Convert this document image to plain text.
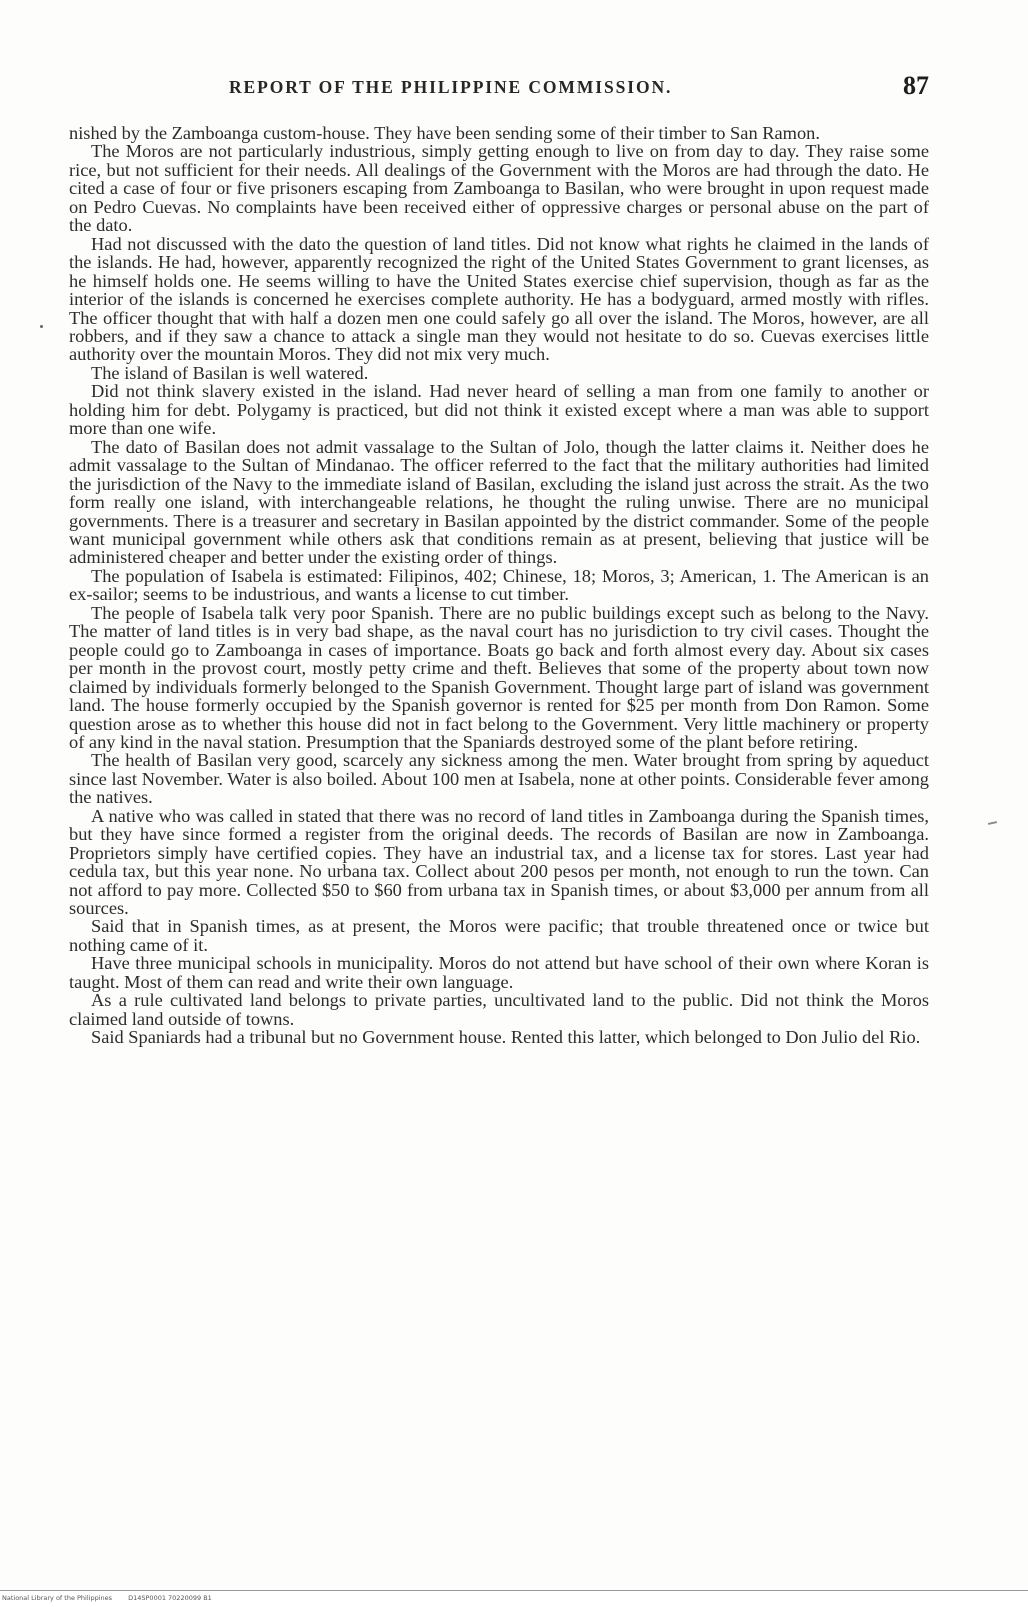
REPORT OF THE PHILIPPINE COMMISSION.	87

nished by the Zamboanga custom-house. They have been sending some of their timber to San Ramon.

The Moros are not particularly industrious, simply getting enough to live on from day to day. They raise some rice, but not sufficient for their needs. All dealings of the Government with the Moros are had through the dato. He cited a case of four or five prisoners escaping from Zamboanga to Basilan, who were brought in upon request made on Pedro Cuevas. No complaints have been received either of oppressive charges or personal abuse on the part of the dato.

Had not discussed with the dato the question of land titles. Did not know what rights he claimed in the lands of the islands. He had, however, apparently recognized the right of the United States Government to grant licenses, as he himself holds one. He seems willing to have the United States exercise chief supervision, though as far as the interior of the islands is concerned he exercises complete authority. He has a bodyguard, armed mostly with rifles. The officer thought that with half a dozen men one could safely go all over the island. The Moros, however, are all robbers, and if they saw a chance to attack a single man they would not hesitate to do so. Cuevas exercises little authority over the mountain Moros. They did not mix very much.

The island of Basilan is well watered.

Did not think slavery existed in the island. Had never heard of selling a man from one family to another or holding him for debt. Polygamy is practiced, but did not think it existed except where a man was able to support more than one wife.

The dato of Basilan does not admit vassalage to the Sultan of Jolo, though the latter claims it. Neither does he admit vassalage to the Sultan of Mindanao. The officer referred to the fact that the military authorities had limited the jurisdiction of the Navy to the immediate island of Basilan, excluding the island just across the strait. As the two form really one island, with interchangeable relations, he thought the ruling unwise. There are no municipal governments. There is a treasurer and secretary in Basilan appointed by the district commander. Some of the people want municipal government while others ask that conditions remain as at present, believing that justice will be administered cheaper and better under the existing order of things.

The population of Isabela is estimated: Filipinos, 402; Chinese, 18; Moros, 3; American, 1. The American is an ex-sailor; seems to be industrious, and wants a license to cut timber.

The people of Isabela talk very poor Spanish. There are no public buildings except such as belong to the Navy. The matter of land titles is in very bad shape, as the naval court has no jurisdiction to try civil cases. Thought the people could go to Zamboanga in cases of importance. Boats go back and forth almost every day. About six cases per month in the provost court, mostly petty crime and theft. Believes that some of the property about town now claimed by individuals formerly belonged to the Spanish Government. Thought large part of island was government land. The house formerly occupied by the Spanish governor is rented for $25 per month from Don Ramon. Some question arose as to whether this house did not in fact belong to the Government. Very little machinery or property of any kind in the naval station. Presumption that the Spaniards destroyed some of the plant before retiring.

The health of Basilan very good, scarcely any sickness among the men. Water brought from spring by aqueduct since last November. Water is also boiled. About 100 men at Isabela, none at other points. Considerable fever among the natives.

A native who was called in stated that there was no record of land titles in Zamboanga during the Spanish times, but they have since formed a register from the original deeds. The records of Basilan are now in Zamboanga. Proprietors simply have certified copies. They have an industrial tax, and a license tax for stores. Last year had cedula tax, but this year none. No urbana tax. Collect about 200 pesos per month, not enough to run the town. Can not afford to pay more. Collected $50 to $60 from urbana tax in Spanish times, or about $3,000 per annum from all sources.

Said that in Spanish times, as at present, the Moros were pacific; that trouble threatened once or twice but nothing came of it.

Have three municipal schools in municipality. Moros do not attend but have school of their own where Koran is taught. Most of them can read and write their own language.

As a rule cultivated land belongs to private parties, uncultivated land to the public. Did not think the Moros claimed land outside of towns.

Said Spaniards had a tribunal but no Government house. Rented this latter, which belonged to Don Julio del Rio.

National Library of the Philippines D14SP0001 70220099 B1
